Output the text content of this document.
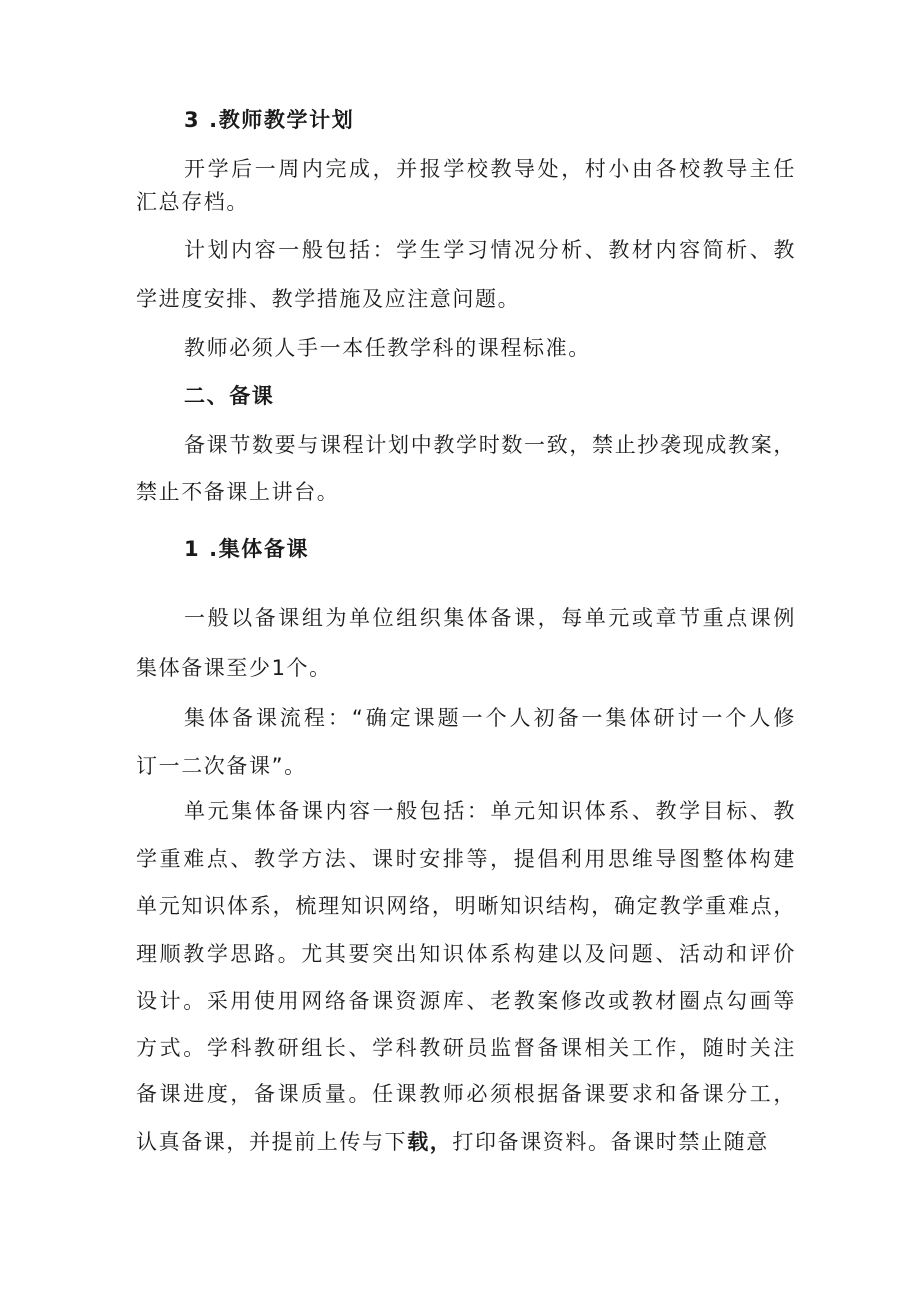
3 .教师教学计划
开学后一周内完成，并报学校教导处，村小由各校教导主任
汇总存档。
计划内容一般包括：学生学习情况分析、教材内容简析、教
学进度安排、教学措施及应注意问题。
教师必须人手一本任教学科的课程标准。
二、备课
备课节数要与课程计划中教学时数一致，禁止抄袭现成教案，
禁止不备课上讲台。
1 .集体备课
一般以备课组为单位组织集体备课，每单元或章节重点课例
集体备课至少1个。
集体备课流程：“确定课题一个人初备一集体研讨一个人修
订一二次备课”。
单元集体备课内容一般包括：单元知识体系、教学目标、教
学重难点、教学方法、课时安排等，提倡利用思维导图整体构建
单元知识体系，梳理知识网络，明晰知识结构，确定教学重难点，
理顺教学思路。尤其要突出知识体系构建以及问题、活动和评价
设计。采用使用网络备课资源库、老教案修改或教材圈点勾画等
方式。学科教研组长、学科教研员监督备课相关工作，随时关注
备课进度，备课质量。任课教师必须根据备课要求和备课分工，
认真备课，并提前上传与下载，打印备课资料。备课时禁止随意
